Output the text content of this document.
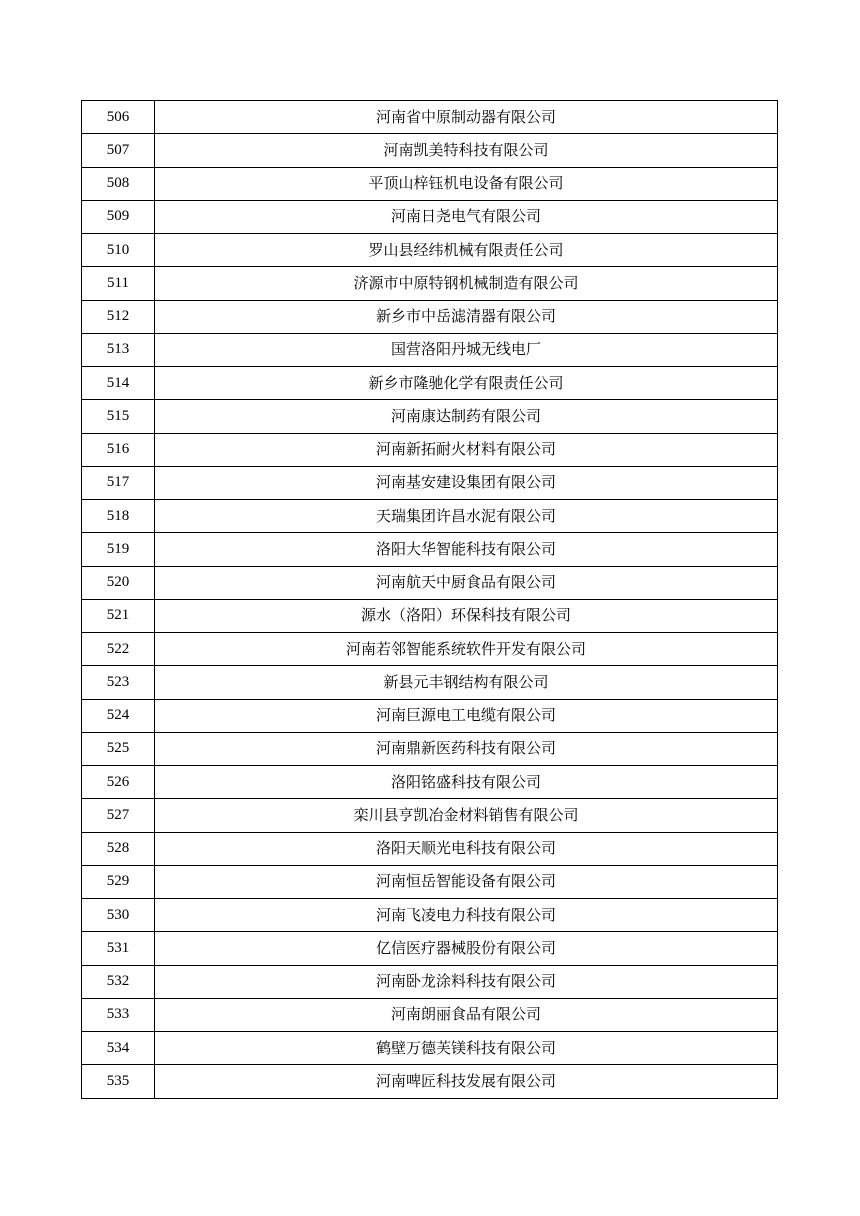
506	河南省中原制动器有限公司
507	河南凯美特科技有限公司
508	平顶山梓钰机电设备有限公司
509	河南日尧电气有限公司
510	罗山县经纬机械有限责任公司
511	济源市中原特钢机械制造有限公司
512	新乡市中岳滤清器有限公司
513	国营洛阳丹城无线电厂
514	新乡市隆驰化学有限责任公司
515	河南康达制药有限公司
516	河南新拓耐火材料有限公司
517	河南基安建设集团有限公司
518	天瑞集团许昌水泥有限公司
519	洛阳大华智能科技有限公司
520	河南航天中厨食品有限公司
521	源水（洛阳）环保科技有限公司
522	河南若邻智能系统软件开发有限公司
523	新县元丰钢结构有限公司
524	河南巨源电工电缆有限公司
525	河南鼎新医药科技有限公司
526	洛阳铭盛科技有限公司
527	栾川县亨凯冶金材料销售有限公司
528	洛阳天顺光电科技有限公司
529	河南恒岳智能设备有限公司
530	河南飞凌电力科技有限公司
531	亿信医疗器械股份有限公司
532	河南卧龙涂料科技有限公司
533	河南朗丽食品有限公司
534	鹤壁万德芙镁科技有限公司
535	河南啤匠科技发展有限公司
